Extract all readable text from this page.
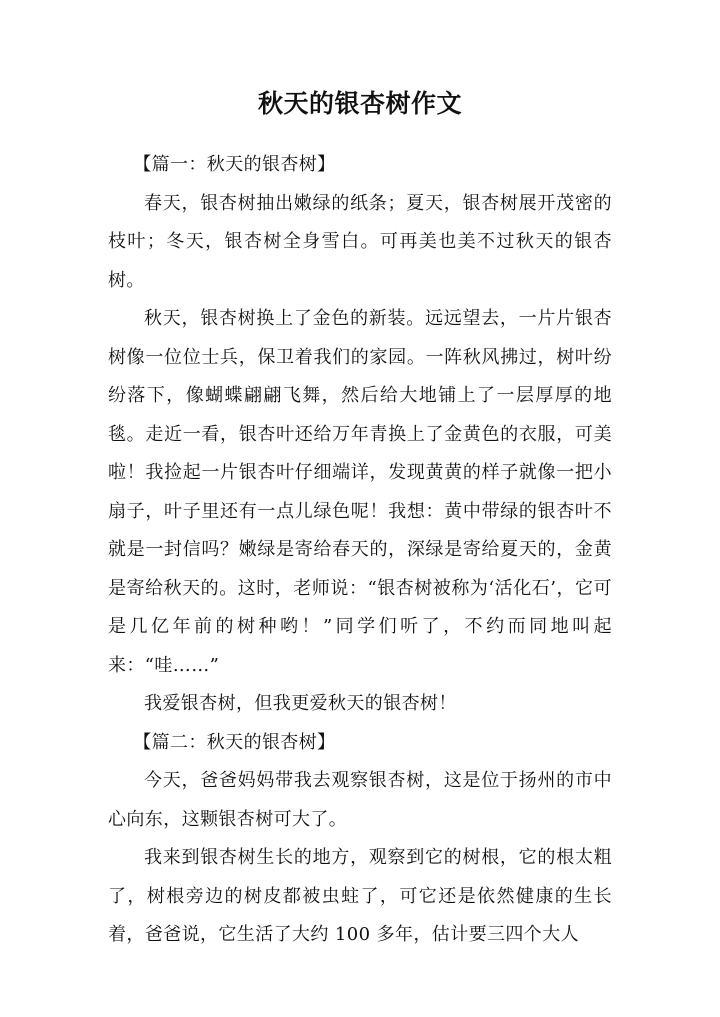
秋天的银杏树作文

【篇一：秋天的银杏树】

春天，银杏树抽出嫩绿的纸条；夏天，银杏树展开茂密的枝叶；冬天，银杏树全身雪白。可再美也美不过秋天的银杏树。

秋天，银杏树换上了金色的新装。远远望去，一片片银杏树像一位位士兵，保卫着我们的家园。一阵秋风拂过，树叶纷纷落下，像蝴蝶翩翩飞舞，然后给大地铺上了一层厚厚的地毯。走近一看，银杏叶还给万年青换上了金黄色的衣服，可美啦！我捡起一片银杏叶仔细端详，发现黄黄的样子就像一把小扇子，叶子里还有一点儿绿色呢！我想：黄中带绿的银杏叶不就是一封信吗？嫩绿是寄给春天的，深绿是寄给夏天的，金黄是寄给秋天的。这时，老师说：“银杏树被称为‘活化石’，它可是几亿年前的树种哟！”同学们听了，不约而同地叫起来：“哇……”

我爱银杏树，但我更爱秋天的银杏树！

【篇二：秋天的银杏树】

今天，爸爸妈妈带我去观察银杏树，这是位于扬州的市中心向东，这颗银杏树可大了。

我来到银杏树生长的地方，观察到它的树根，它的根太粗了，树根旁边的树皮都被虫蛀了，可它还是依然健康的生长着，爸爸说，它生活了大约 100 多年，估计要三四个大人
